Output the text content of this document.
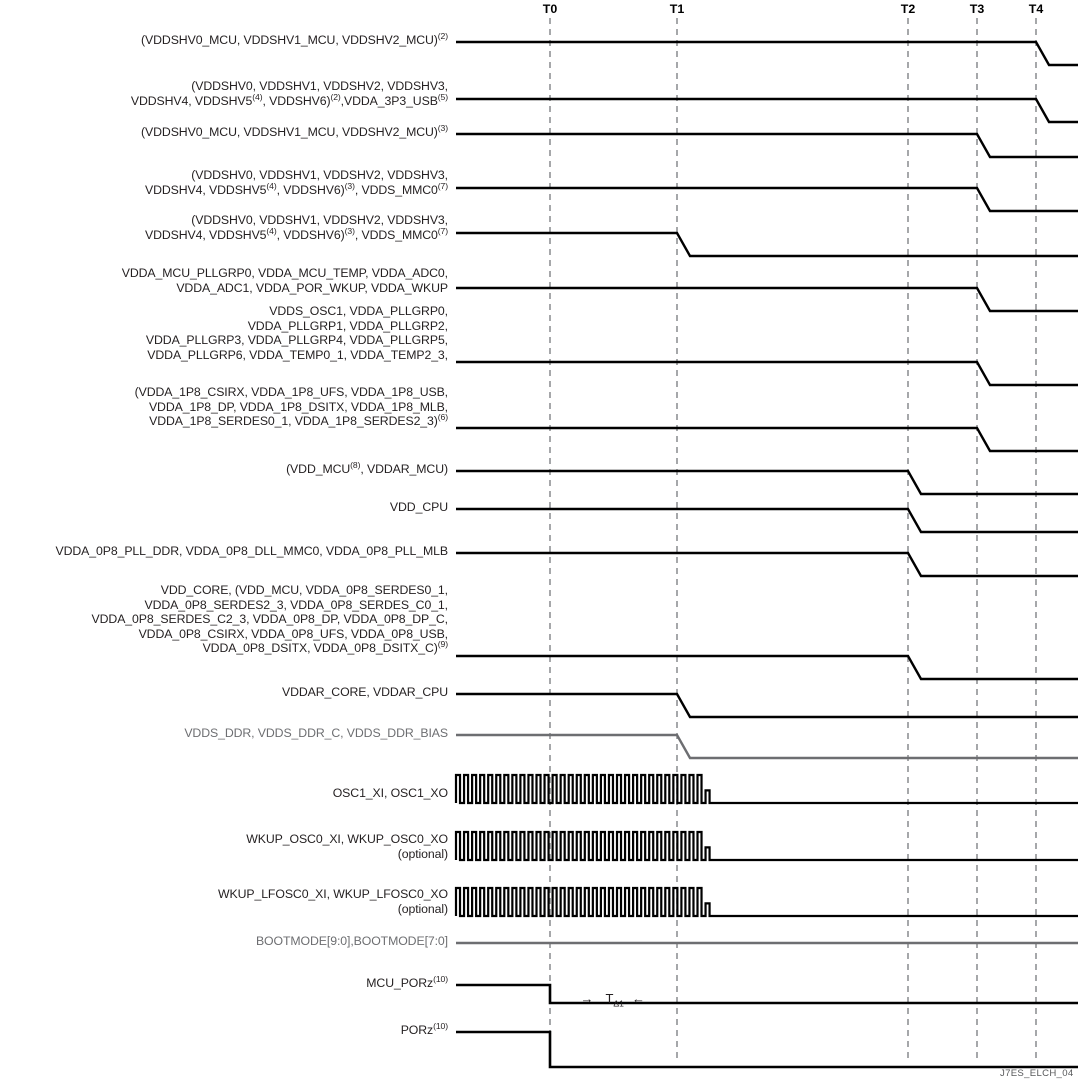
T0	T1	T2	T3	T4
(VDDSHV0_MCU, VDDSHV1_MCU, VDDSHV2_MCU)$^{(2)}$
(VDDSHV0, VDDSHV1, VDDSHV2, VDDSHV3,
VDDSHV4, VDDSHV5$^{(4)}$, VDDSHV6)$^{(2)}$,VDDA_3P3_USB$^{(5)}$
(VDDSHV0_MCU, VDDSHV1_MCU, VDDSHV2_MCU)$^{(3)}$
(VDDSHV0, VDDSHV1, VDDSHV2, VDDSHV3,
VDDSHV4, VDDSHV5$^{(4)}$, VDDSHV6)$^{(3)}$, VDDS_MMC0$^{(7)}$
(VDDSHV0, VDDSHV1, VDDSHV2, VDDSHV3,
VDDSHV4, VDDSHV5$^{(4)}$, VDDSHV6)$^{(3)}$, VDDS_MMC0$^{(7)}$
VDDA_MCU_PLLGRP0, VDDA_MCU_TEMP, VDDA_ADC0,
VDDA_ADC1, VDDA_POR_WKUP, VDDA_WKUP
VDDS_OSC1, VDDA_PLLGRP0,
VDDA_PLLGRP1, VDDA_PLLGRP2,
VDDA_PLLGRP3, VDDA_PLLGRP4, VDDA_PLLGRP5,
VDDA_PLLGRP6, VDDA_TEMP0_1, VDDA_TEMP2_3,
(VDDA_1P8_CSIRX, VDDA_1P8_UFS, VDDA_1P8_USB,
VDDA_1P8_DP, VDDA_1P8_DSITX, VDDA_1P8_MLB,
VDDA_1P8_SERDES0_1, VDDA_1P8_SERDES2_3)$^{(6)}$
(VDD_MCU$^{(8)}$, VDDAR_MCU)
VDD_CPU
VDDA_0P8_PLL_DDR, VDDA_0P8_DLL_MMC0, VDDA_0P8_PLL_MLB
VDD_CORE, (VDD_MCU, VDDA_0P8_SERDES0_1,
VDDA_0P8_SERDES2_3, VDDA_0P8_SERDES_C0_1,
VDDA_0P8_SERDES_C2_3, VDDA_0P8_DP, VDDA_0P8_DP_C,
VDDA_0P8_CSIRX, VDDA_0P8_UFS, VDDA_0P8_USB,
VDDA_0P8_DSITX, VDDA_0P8_DSITX_C)$^{(9)}$
VDDAR_CORE, VDDAR_CPU
VDDS_DDR, VDDS_DDR_C, VDDS_DDR_BIAS
OSC1_XI, OSC1_XO
WKUP_OSC0_XI, WKUP_OSC0_XO
(optional)
WKUP_LFOSC0_XI, WKUP_LFOSC0_XO
(optional)
BOOTMODE[9:0],BOOTMODE[7:0]
MCU_PORz$^{(10)}$
PORz$^{(10)}$

→ $T_{\Delta 1}$ ←

J7ES_ELCH_04
